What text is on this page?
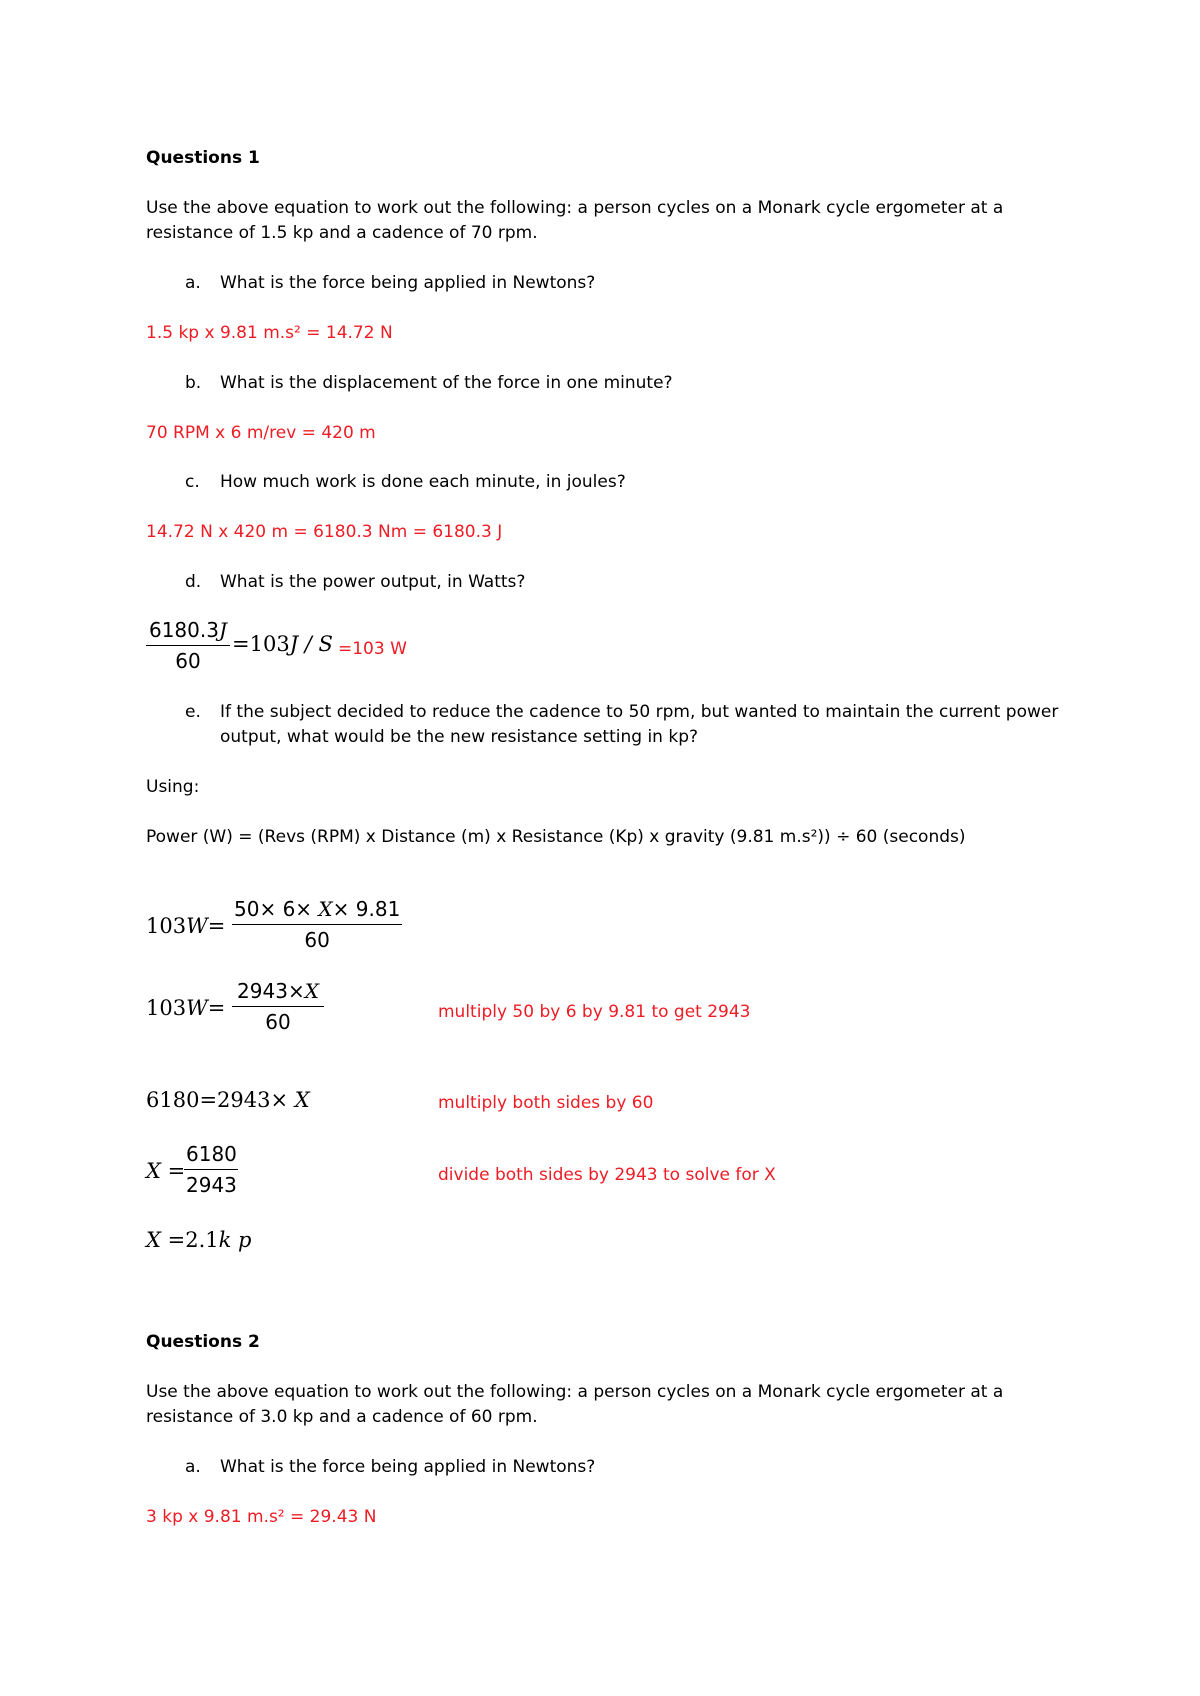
Questions 1
Use the above equation to work out the following: a person cycles on a Monark cycle ergometer at a
resistance of 1.5 kp and a cadence of 70 rpm.
a. What is the force being applied in Newtons?
1.5 kp x 9.81 m.s² = 14.72 N
b. What is the displacement of the force in one minute?
70 RPM x 6 m/rev = 420 m
c. How much work is done each minute, in joules?
14.72 N x 420 m = 6180.3 Nm = 6180.3 J
d. What is the power output, in Watts?
$\frac{6180.3J}{60} =103J / S =103$ W
e. If the subject decided to reduce the cadence to 50 rpm, but wanted to maintain the current power
output, what would be the new resistance setting in kp?
Using:
Power (W) = (Revs (RPM) x Distance (m) x Resistance (Kp) x gravity (9.81 m.s²)) ÷ 60 (seconds)
$103W= \frac{50\times 6\times X\times 9.81}{60}$
$103W= \frac{2943\times X}{60}$	multiply 50 by 6 by 9.81 to get 2943
6180=2943× X	multiply both sides by 60
X =
$\frac{6180}{2943}$	divide both sides by 2943 to solve for X
X =2.1k p
Questions 2
Use the above equation to work out the following: a person cycles on a Monark cycle ergometer at a
resistance of 3.0 kp and a cadence of 60 rpm.
a. What is the force being applied in Newtons?
3 kp x 9.81 m.s² = 29.43 N
